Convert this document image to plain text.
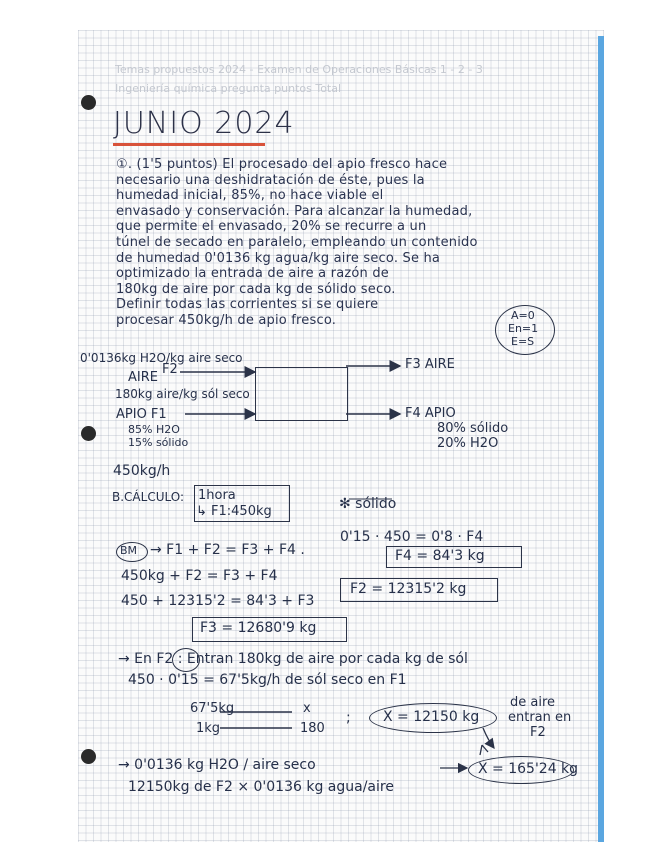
Temas propuestos 2024 - Examen de Operaciones Básicas 1 - 2 - 3
Ingeniería química pregunta puntos Total
JUNIO 2024
①. (1'5 puntos) El procesado del apio fresco hace
necesario una deshidratación de éste, pues la
humedad inicial, 85%, no hace viable el
envasado y conservación. Para alcanzar la humedad,
que permite el envasado, 20% se recurre a un
túnel de secado en paralelo, empleando un contenido
de humedad 0'0136 kg agua/kg aire seco. Se ha
optimizado la entrada de aire a razón de
180kg de aire por cada kg de sólido seco.
Definir todas las corrientes si se quiere
procesar 450kg/h de apio fresco.	A=0
En=1
E=S
0'0136kg H2O/kg aire seco
F2
AIRE
180kg aire/kg sól seco
APIO F1
85% H2O
15% sólido
450kg/h
F3 AIRE
F4 APIO
80% sólido
20% H2O
B.CÁLCULO: 1hora
↳ F1:450kg	✻ sólido
0'15 · 450 = 0'8 · F4
F4 = 84'3 kg
BM → F1 + F2 = F3 + F4 .
450kg + F2 = F3 + F4
450 + 12315'2 = 84'3 + F3
F2 = 12315'2 kg
F3 = 12680'9 kg
→ En F2 : Entran 180kg de aire por cada kg de sól
450 · 0'15 = 67'5kg/h de sól seco en F1
67'5kg
1kg
x
180
; X = 12150 kg
de aire
entran en
F2
→ 0'0136 kg H2O / aire seco
12150kg de F2 × 0'0136 kg agua/aire
X = 165'24 kg
